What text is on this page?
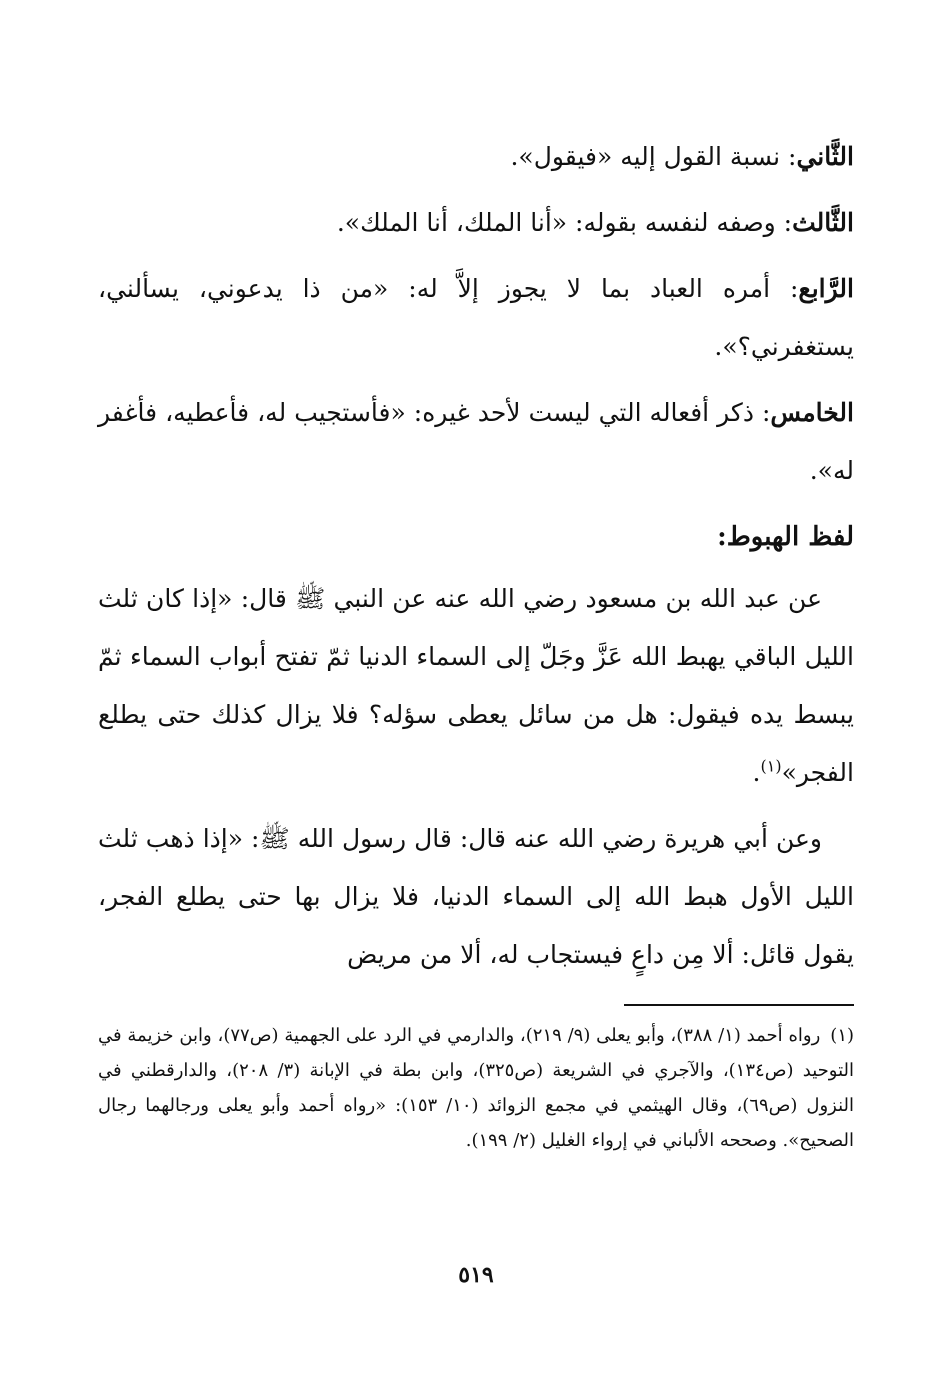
الثَّاني: نسبة القول إليه «فيقول».

الثَّالث: وصفه لنفسه بقوله: «أنا الملك، أنا الملك».

الرَّابع: أمره العباد بما لا يجوز إلاَّ له: «من ذا يدعوني، يسألني، يستغفرني؟».

الخامس: ذكر أفعاله التي ليست لأحد غيره: «فأستجيب له، فأعطيه، فأغفر له».

لفظ الهبوط:

عن عبد الله بن مسعود رضي الله عنه عن النبي ﷺ قال: «إذا كان ثلث الليل الباقي يهبط الله عَزَّ وجَلّ إلى السماء الدنيا ثمّ تفتح أبواب السماء ثمّ يبسط يده فيقول: هل من سائل يعطى سؤله؟ فلا يزال كذلك حتى يطلع الفجر»$^{(١)}$.

وعن أبي هريرة رضي الله عنه قال: قال رسول الله ﷺ: «إذا ذهب ثلث الليل الأول هبط الله إلى السماء الدنيا، فلا يزال بها حتى يطلع الفجر، يقول قائل: ألا مِن داعٍ فيستجاب له، ألا من مريض

(١)رواه أحمد (١/ ٣٨٨)، وأبو يعلى (٩/ ٢١٩)، والدارمي في الرد على الجهمية (ص٧٧)، وابن خزيمة في التوحيد (ص١٣٤)، والآجري في الشريعة (ص٣٢٥)، وابن بطة في الإبانة (٣/ ٢٠٨)، والدارقطني في النزول (ص٦٩)، وقال الهيثمي في مجمع الزوائد (١٠/ ١٥٣): «رواه أحمد وأبو يعلى ورجالهما رجال الصحيح». وصححه الألباني في إرواء الغليل (٢/ ١٩٩).

٥١٩
